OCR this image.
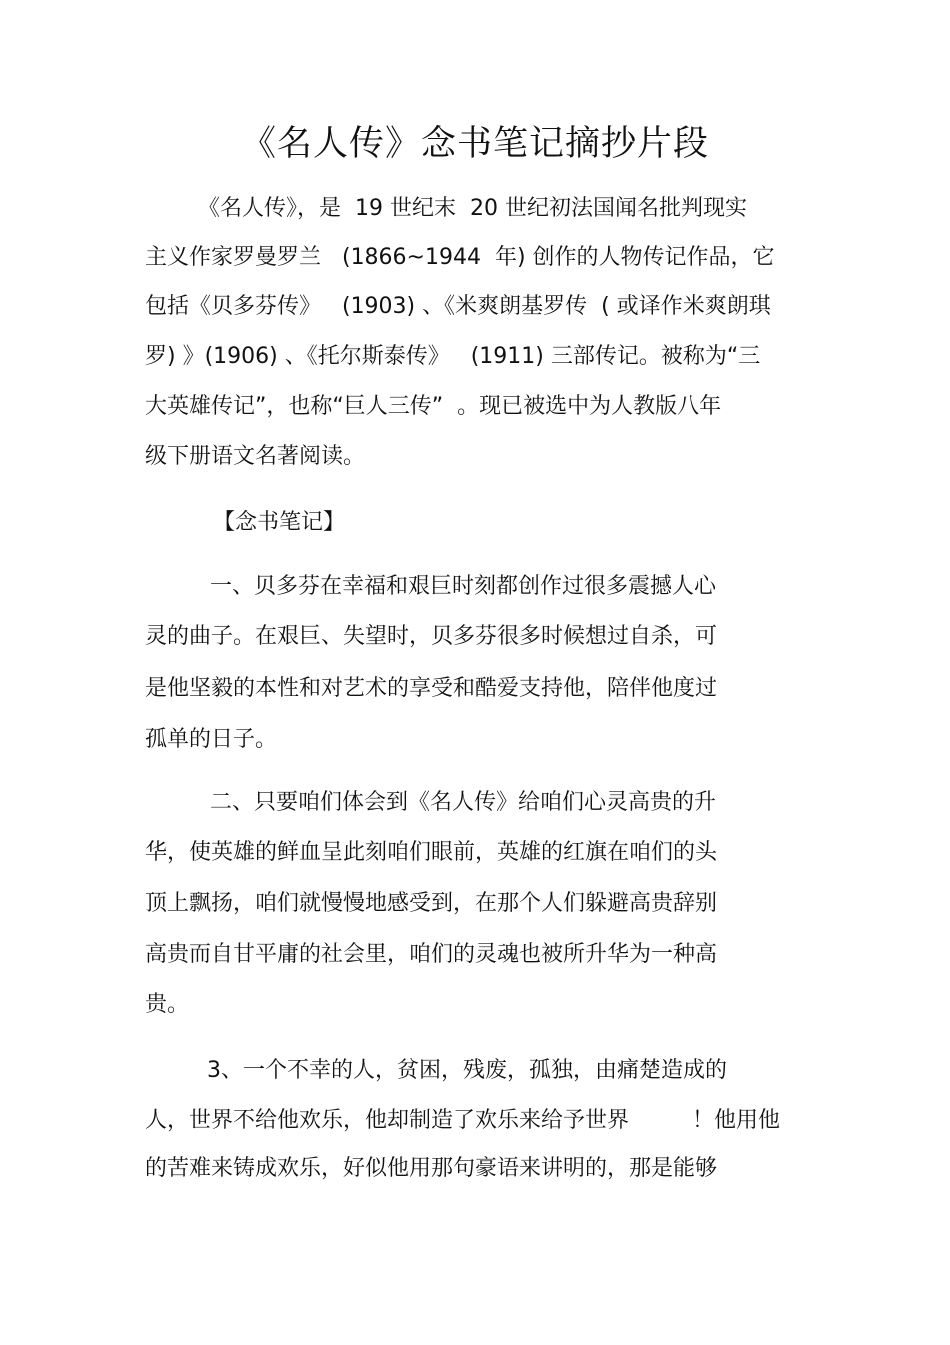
《名人传》念书笔记摘抄片段
《名人传》，是  19 世纪末  20 世纪初法国闻名批判现实
主义作家罗曼罗兰   (1866~1944  年) 创作的人物传记作品，它
包括《贝多芬传》   (1903) 、《米爽朗基罗传  ( 或译作米爽朗琪
罗) 》(1906) 、《托尔斯泰传》   (1911) 三部传记。被称为“三
大英雄传记”，也称“巨人三传”  。现已被选中为人教版八年
级下册语文名著阅读。
【念书笔记】
一、贝多芬在幸福和艰巨时刻都创作过很多震撼人心
灵的曲子。在艰巨、失望时，贝多芬很多时候想过自杀，可
是他坚毅的本性和对艺术的享受和酷爱支持他，陪伴他度过
孤单的日子。
二、只要咱们体会到《名人传》给咱们心灵高贵的升
华，使英雄的鲜血呈此刻咱们眼前，英雄的红旗在咱们的头
顶上飘扬，咱们就慢慢地感受到，在那个人们躲避高贵辞别
高贵而自甘平庸的社会里，咱们的灵魂也被所升华为一种高
贵。
3、一个不幸的人，贫困，残废，孤独，由痛楚造成的
人，世界不给他欢乐，他却制造了欢乐来给予世界         ！他用他
的苦难来铸成欢乐，好似他用那句豪语来讲明的，那是能够
